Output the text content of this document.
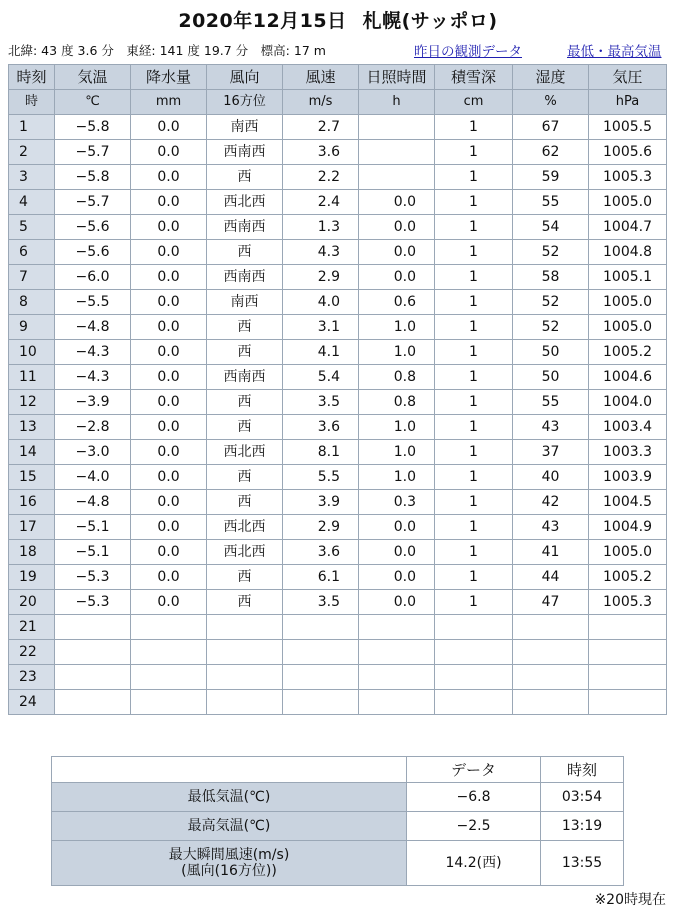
2020年12月15日 札幌(サッポロ)
北緯: 43 度 3.6 分　東経: 141 度 19.7 分　標高: 17 m	昨日の観測データ	最低・最高気温
時刻	気温	降水量	風向	風速	日照時間	積雪深	湿度	気圧
時	℃	mm	16方位	m/s	h	cm	%	hPa
1	−5.8	0.0	南西	2.7		1	67	1005.5
2	−5.7	0.0	西南西	3.6		1	62	1005.6
3	−5.8	0.0	西	2.2		1	59	1005.3
4	−5.7	0.0	西北西	2.4	0.0	1	55	1005.0
5	−5.6	0.0	西南西	1.3	0.0	1	54	1004.7
6	−5.6	0.0	西	4.3	0.0	1	52	1004.8
7	−6.0	0.0	西南西	2.9	0.0	1	58	1005.1
8	−5.5	0.0	南西	4.0	0.6	1	52	1005.0
9	−4.8	0.0	西	3.1	1.0	1	52	1005.0
10	−4.3	0.0	西	4.1	1.0	1	50	1005.2
11	−4.3	0.0	西南西	5.4	0.8	1	50	1004.6
12	−3.9	0.0	西	3.5	0.8	1	55	1004.0
13	−2.8	0.0	西	3.6	1.0	1	43	1003.4
14	−3.0	0.0	西北西	8.1	1.0	1	37	1003.3
15	−4.0	0.0	西	5.5	1.0	1	40	1003.9
16	−4.8	0.0	西	3.9	0.3	1	42	1004.5
17	−5.1	0.0	西北西	2.9	0.0	1	43	1004.9
18	−5.1	0.0	西北西	3.6	0.0	1	41	1005.0
19	−5.3	0.0	西	6.1	0.0	1	44	1005.2
20	−5.3	0.0	西	3.5	0.0	1	47	1005.3
21								
22								
23								
24								
	データ	時刻
最低気温(℃)	−6.8	03:54
最高気温(℃)	−2.5	13:19
最大瞬間風速(m/s)
(風向(16方位))	14.2(西)	13:55
※20時現在
